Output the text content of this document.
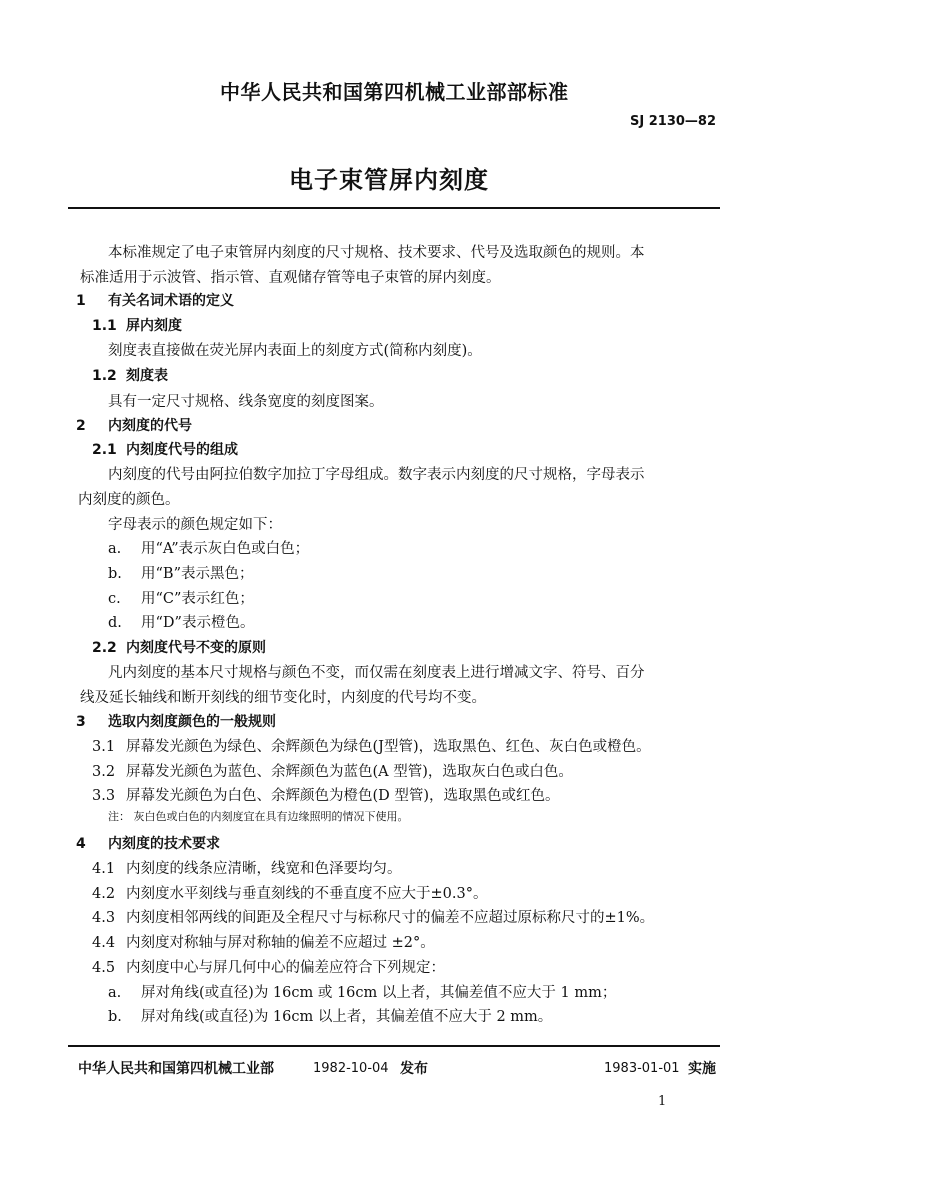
中华人民共和国第四机械工业部部标准
SJ 2130—82
电子束管屏内刻度
本标准规定了电子束管屏内刻度的尺寸规格、技术要求、代号及选取颜色的规则。本
标准适用于示波管、指示管、直观储存管等电子束管的屏内刻度。
1 有关名词术语的定义
1.1 屏内刻度
刻度表直接做在荧光屏内表面上的刻度方式(简称内刻度)。
1.2 刻度表
具有一定尺寸规格、线条宽度的刻度图案。
2 内刻度的代号
2.1 内刻度代号的组成
内刻度的代号由阿拉伯数字加拉丁字母组成。数字表示内刻度的尺寸规格，字母表示
内刻度的颜色。
字母表示的颜色规定如下：
a. 用“A”表示灰白色或白色；
b. 用“B”表示黑色；
c. 用“C”表示红色；
d. 用“D”表示橙色。
2.2 内刻度代号不变的原则
凡内刻度的基本尺寸规格与颜色不变，而仅需在刻度表上进行增减文字、符号、百分
线及延长轴线和断开刻线的细节变化时，内刻度的代号均不变。
3 选取内刻度颜色的一般规则
3.1 屏幕发光颜色为绿色、余辉颜色为绿色(J型管)，选取黑色、红色、灰白色或橙色。
3.2 屏幕发光颜色为蓝色、余辉颜色为蓝色(A 型管)，选取灰白色或白色。
3.3 屏幕发光颜色为白色、余辉颜色为橙色(D 型管)，选取黑色或红色。
注： 灰白色或白色的内刻度宜在具有边缘照明的情况下使用。
4 内刻度的技术要求
4.1 内刻度的线条应清晰，线宽和色泽要均匀。
4.2 内刻度水平刻线与垂直刻线的不垂直度不应大于±0.3°。
4.3 内刻度相邻两线的间距及全程尺寸与标称尺寸的偏差不应超过原标称尺寸的±1%。
4.4 内刻度对称轴与屏对称轴的偏差不应超过 ±2°。
4.5 内刻度中心与屏几何中心的偏差应符合下列规定：
a. 屏对角线(或直径)为 16cm 或 16cm 以上者，其偏差值不应大于 1 mm；
b. 屏对角线(或直径)为 16cm 以上者，其偏差值不应大于 2 mm。
中华人民共和国第四机械工业部	1982-10-04 发布	1983-01-01 实施
1
